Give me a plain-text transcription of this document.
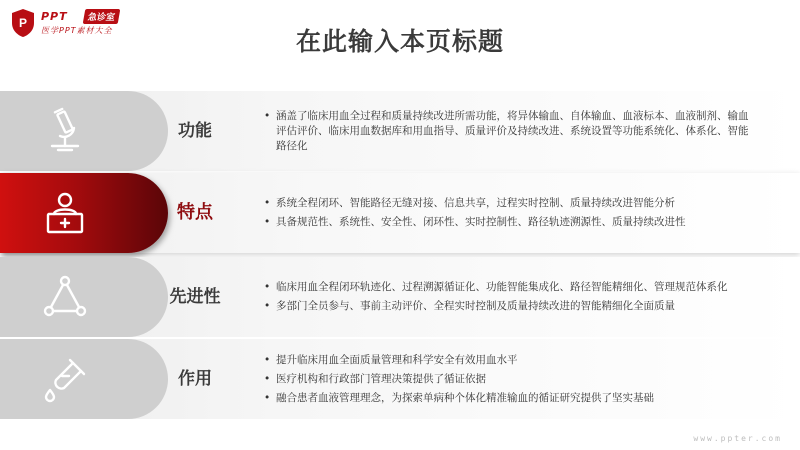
P PPT	急诊室
医学PPT素材大全	在此输入本页标题
功能
• 涵盖了临床用血全过程和质量持续改进所需功能，将异体输血、自体输血、血液标本、血液制剂、输血评估评价、临床用血数据库和用血指导、质量评价及持续改进、系统设置等功能系统化、体系化、智能路径化
特点	• 系统全程闭环、智能路径无缝对接、信息共享，过程实时控制、质量持续改进智能分析
• 具备规范性、系统性、安全性、闭环性、实时控制性、路径轨迹溯源性、质量持续改进性
先进性	• 临床用血全程闭环轨迹化、过程溯源循证化、功能智能集成化、路径智能精细化、管理规范体系化
• 多部门全员参与、事前主动评价、全程实时控制及质量持续改进的智能精细化全面质量
作用
• 提升临床用血全面质量管理和科学安全有效用血水平
• 医疗机构和行政部门管理决策提供了循证依据
• 融合患者血液管理理念，为探索单病种个体化精准输血的循证研究提供了坚实基础
www.ppter.com
